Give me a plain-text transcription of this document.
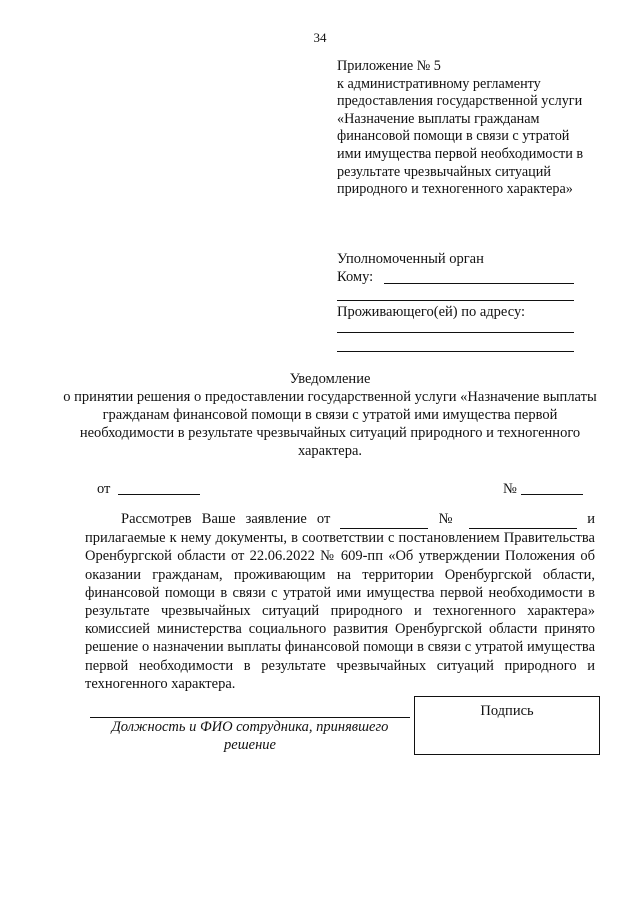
34
Приложение № 5
к административному регламенту предоставления государственной услуги «Назначение выплаты гражданам финансовой помощи в связи с утратой ими имущества первой необходимости в результате чрезвычайных ситуаций природного и техногенного характера»
Уполномоченный орган
Кому:
Проживающего(ей) по адресу:
Уведомление
о принятии решения о предоставлении государственной услуги «Назначение выплаты гражданам финансовой помощи в связи с утратой ими имущества первой необходимости в результате чрезвычайных ситуаций природного и техногенного характера.
от	№
Рассмотрев Ваше заявление от	№	и
прилагаемые к нему документы, в соответствии с постановлением Правительства Оренбургской области от 22.06.2022 № 609-пп «Об утверждении Положения об оказании гражданам, проживающим на территории Оренбургской области, финансовой помощи в связи с утратой ими имущества первой необходимости в результате чрезвычайных ситуаций природного и техногенного характера» комиссией министерства социального развития Оренбургской области принято решение о назначении выплаты финансовой помощи в связи с утратой имущества первой необходимости в результате чрезвычайных ситуаций природного и техногенного характера.
Должность и ФИО сотрудника, принявшего решение
Подпись
